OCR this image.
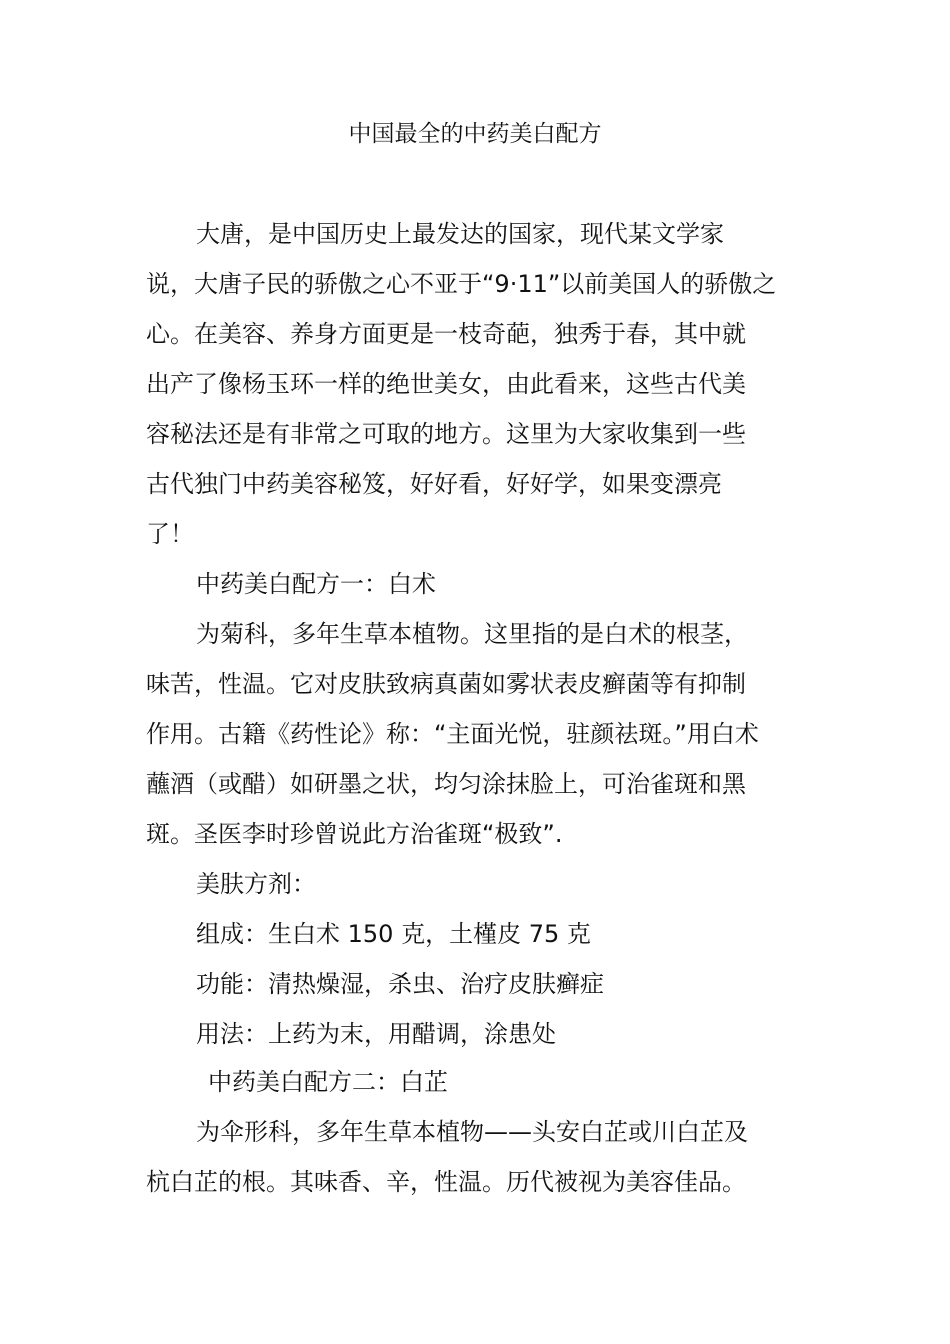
中国最全的中药美白配方
大唐，是中国历史上最发达的国家，现代某文学家
说，大唐子民的骄傲之心不亚于“9·11”以前美国人的骄傲之
心。在美容、养身方面更是一枝奇葩，独秀于春，其中就
出产了像杨玉环一样的绝世美女，由此看来，这些古代美
容秘法还是有非常之可取的地方。这里为大家收集到一些
古代独门中药美容秘笈，好好看，好好学，如果变漂亮
了！
中药美白配方一：白术
为菊科，多年生草本植物。这里指的是白术的根茎，
味苦，性温。它对皮肤致病真菌如雾状表皮癣菌等有抑制
作用。古籍《药性论》称：“主面光悦，驻颜祛斑。”用白术
蘸酒（或醋）如研墨之状，均匀涂抹脸上，可治雀斑和黑
斑。圣医李时珍曾说此方治雀斑“极致”.
美肤方剂：
组成：生白术 150 克，土槿皮 75 克
功能：清热燥湿，杀虫、治疗皮肤癣症
用法：上药为末，用醋调，涂患处
中药美白配方二：白芷
为伞形科，多年生草本植物——头安白芷或川白芷及
杭白芷的根。其味香、辛，性温。历代被视为美容佳品。
